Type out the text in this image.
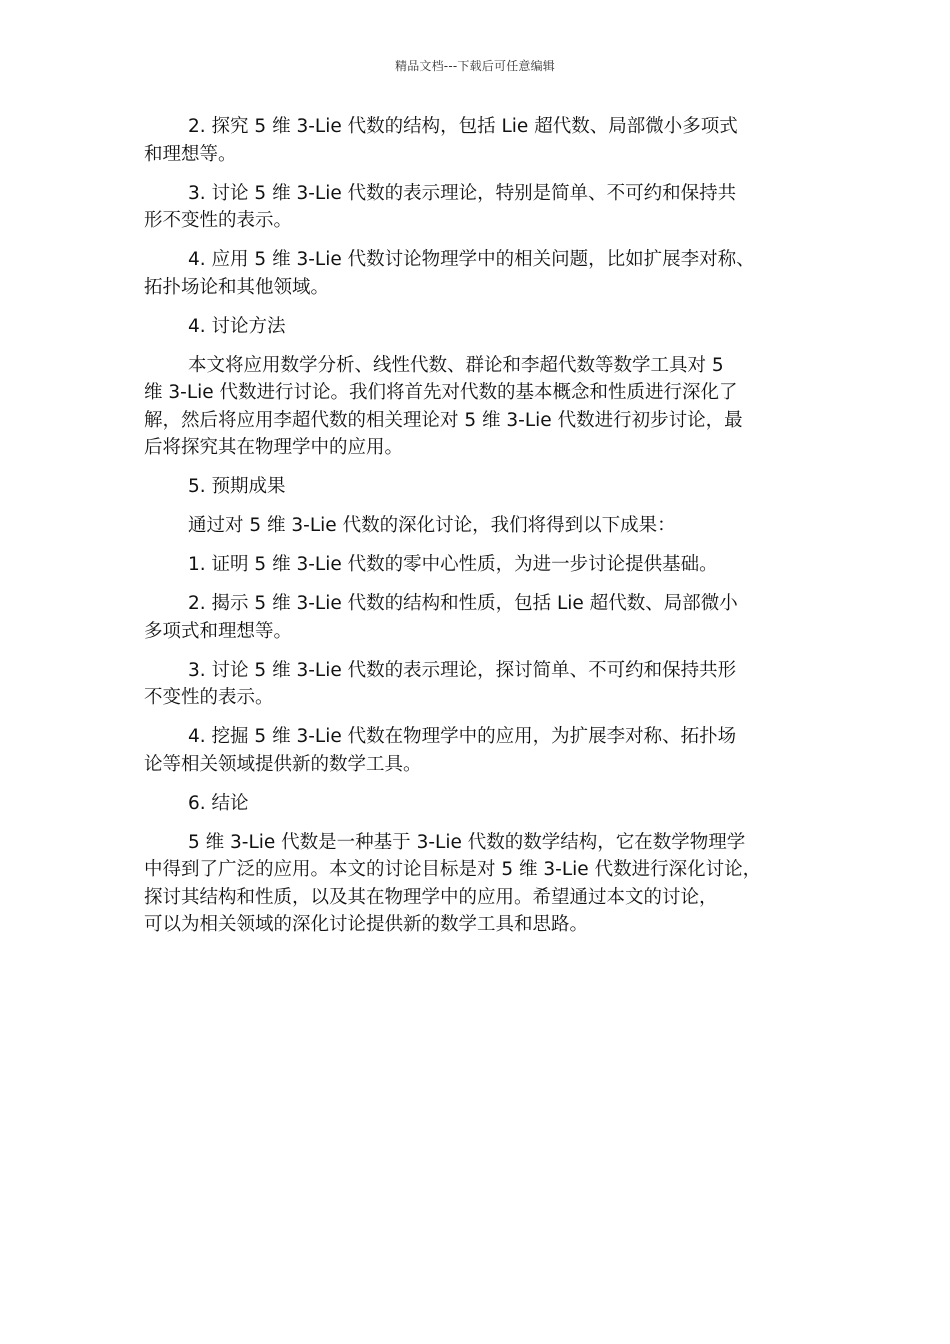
精品文档---下载后可任意编辑

2. 探究 5 维 3-Lie 代数的结构，包括 Lie 超代数、局部微小多项式
和理想等。

3. 讨论 5 维 3-Lie 代数的表示理论，特别是简单、不可约和保持共
形不变性的表示。

4. 应用 5 维 3-Lie 代数讨论物理学中的相关问题，比如扩展李对称、
拓扑场论和其他领域。

4. 讨论方法

本文将应用数学分析、线性代数、群论和李超代数等数学工具对 5
维 3-Lie 代数进行讨论。我们将首先对代数的基本概念和性质进行深化了
解，然后将应用李超代数的相关理论对 5 维 3-Lie 代数进行初步讨论，最
后将探究其在物理学中的应用。

5. 预期成果

通过对 5 维 3-Lie 代数的深化讨论，我们将得到以下成果：

1. 证明 5 维 3-Lie 代数的零中心性质，为进一步讨论提供基础。

2. 揭示 5 维 3-Lie 代数的结构和性质，包括 Lie 超代数、局部微小
多项式和理想等。

3. 讨论 5 维 3-Lie 代数的表示理论，探讨简单、不可约和保持共形
不变性的表示。

4. 挖掘 5 维 3-Lie 代数在物理学中的应用，为扩展李对称、拓扑场
论等相关领域提供新的数学工具。

6. 结论

5 维 3-Lie 代数是一种基于 3-Lie 代数的数学结构，它在数学物理学
中得到了广泛的应用。本文的讨论目标是对 5 维 3-Lie 代数进行深化讨论，
探讨其结构和性质，以及其在物理学中的应用。希望通过本文的讨论，
可以为相关领域的深化讨论提供新的数学工具和思路。
